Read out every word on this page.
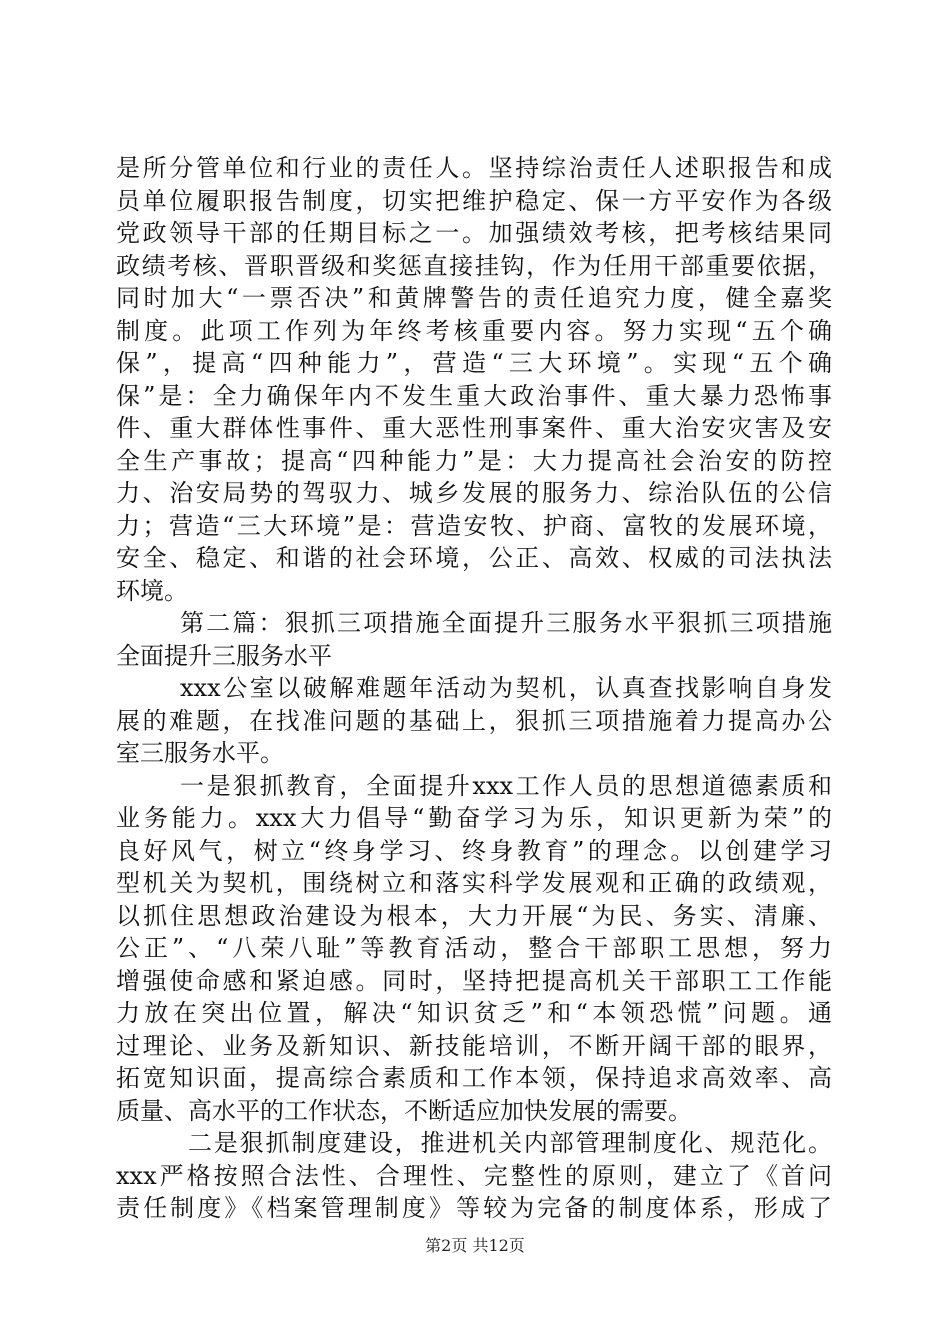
是所分管单位和行业的责任人。坚持综治责任人述职报告和成
员单位履职报告制度，切实把维护稳定、保一方平安作为各级
党政领导干部的任期目标之一。加强绩效考核，把考核结果同
政绩考核、晋职晋级和奖惩直接挂钩，作为任用干部重要依据，
同时加大“一票否决”和黄牌警告的责任追究力度，健全嘉奖
制度。此项工作列为年终考核重要内容。努力实现“五个确
保”，提高“四种能力”，营造“三大环境”。实现“五个确
保”是：全力确保年内不发生重大政治事件、重大暴力恐怖事
件、重大群体性事件、重大恶性刑事案件、重大治安灾害及安
全生产事故；提高“四种能力”是：大力提高社会治安的防控
力、治安局势的驾驭力、城乡发展的服务力、综治队伍的公信
力；营造“三大环境”是：营造安牧、护商、富牧的发展环境，
安全、稳定、和谐的社会环境，公正、高效、权威的司法执法
环境。
第二篇：狠抓三项措施全面提升三服务水平狠抓三项措施
全面提升三服务水平
xxx公室以破解难题年活动为契机，认真查找影响自身发
展的难题，在找准问题的基础上，狠抓三项措施着力提高办公
室三服务水平。
一是狠抓教育，全面提升xxx工作人员的思想道德素质和
业务能力。xxx大力倡导“勤奋学习为乐，知识更新为荣”的
良好风气，树立“终身学习、终身教育”的理念。以创建学习
型机关为契机，围绕树立和落实科学发展观和正确的政绩观，
以抓住思想政治建设为根本，大力开展“为民、务实、清廉、
公正”、“八荣八耻”等教育活动，整合干部职工思想，努力
增强使命感和紧迫感。同时，坚持把提高机关干部职工工作能
力放在突出位置，解决“知识贫乏”和“本领恐慌”问题。通
过理论、业务及新知识、新技能培训，不断开阔干部的眼界，
拓宽知识面，提高综合素质和工作本领，保持追求高效率、高
质量、高水平的工作状态，不断适应加快发展的需要。
二是狠抓制度建设，推进机关内部管理制度化、规范化。
xxx严格按照合法性、合理性、完整性的原则，建立了《首问
责任制度》《档案管理制度》等较为完备的制度体系，形成了
第2页 共12页
